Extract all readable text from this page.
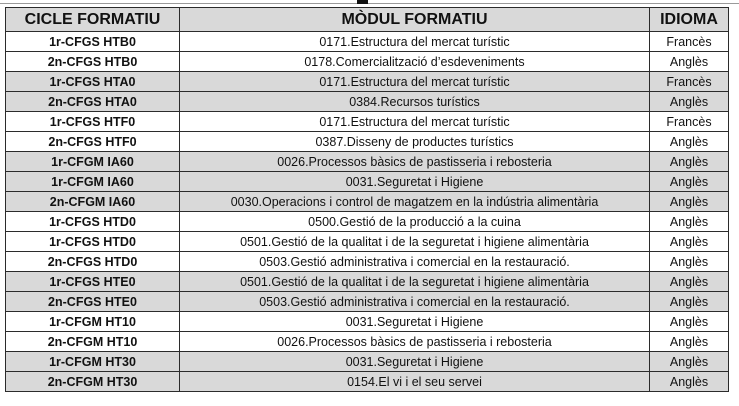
CICLE FORMATIU	MÒDUL FORMATIU	IDIOMA
1r-CFGS HTB0	0171.Estructura del mercat turístic	Francès
2n-CFGS HTB0	0178.Comercialització d’esdeveniments	Anglès
1r-CFGS HTA0	0171.Estructura del mercat turístic	Francès
2n-CFGS HTA0	0384.Recursos turístics	Anglès
1r-CFGS HTF0	0171.Estructura del mercat turístic	Francès
2n-CFGS HTF0	0387.Disseny de productes turístics	Anglès
1r-CFGM IA60	0026.Processos bàsics de pastisseria i rebosteria	Anglès
1r-CFGM IA60	0031.Seguretat i Higiene	Anglès
2n-CFGM IA60	0030.Operacions i control de magatzem en la indústria alimentària	Anglès
1r-CFGS HTD0	0500.Gestió de la producció a la cuina	Anglès
1r-CFGS HTD0	0501.Gestió de la qualitat i de la seguretat i higiene alimentària	Anglès
2n-CFGS HTD0	0503.Gestió administrativa i comercial en la restauració.	Anglès
1r-CFGS HTE0	0501.Gestió de la qualitat i de la seguretat i higiene alimentària	Anglès
2n-CFGS HTE0	0503.Gestió administrativa i comercial en la restauració.	Anglès
1r-CFGM HT10	0031.Seguretat i Higiene	Anglès
2n-CFGM HT10	0026.Processos bàsics de pastisseria i rebosteria	Anglès
1r-CFGM HT30	0031.Seguretat i Higiene	Anglès
2n-CFGM HT30	0154.El vi i el seu servei	Anglès
